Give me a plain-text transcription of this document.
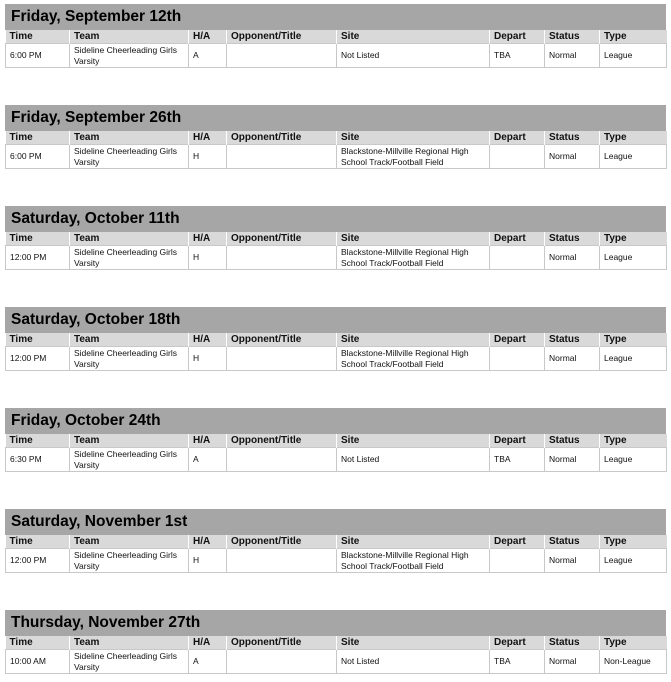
Friday, September 12th
Time	Team	H/A	Opponent/Title	Site	Depart	Status	Type
6:00 PM	Sideline Cheerleading Girls Varsity	A		Not Listed	TBA	Normal	League
Friday, September 26th
Time	Team	H/A	Opponent/Title	Site	Depart	Status	Type
6:00 PM	Sideline Cheerleading Girls Varsity	H		Blackstone-Millville Regional High School Track/Football Field		Normal	League
Saturday, October 11th
Time	Team	H/A	Opponent/Title	Site	Depart	Status	Type
12:00 PM	Sideline Cheerleading Girls Varsity	H		Blackstone-Millville Regional High School Track/Football Field		Normal	League
Saturday, October 18th
Time	Team	H/A	Opponent/Title	Site	Depart	Status	Type
12:00 PM	Sideline Cheerleading Girls Varsity	H		Blackstone-Millville Regional High School Track/Football Field		Normal	League
Friday, October 24th
Time	Team	H/A	Opponent/Title	Site	Depart	Status	Type
6:30 PM	Sideline Cheerleading Girls Varsity	A		Not Listed	TBA	Normal	League
Saturday, November 1st
Time	Team	H/A	Opponent/Title	Site	Depart	Status	Type
12:00 PM	Sideline Cheerleading Girls Varsity	H		Blackstone-Millville Regional High School Track/Football Field		Normal	League
Thursday, November 27th
Time	Team	H/A	Opponent/Title	Site	Depart	Status	Type
10:00 AM	Sideline Cheerleading Girls Varsity	A		Not Listed	TBA	Normal	Non-League
